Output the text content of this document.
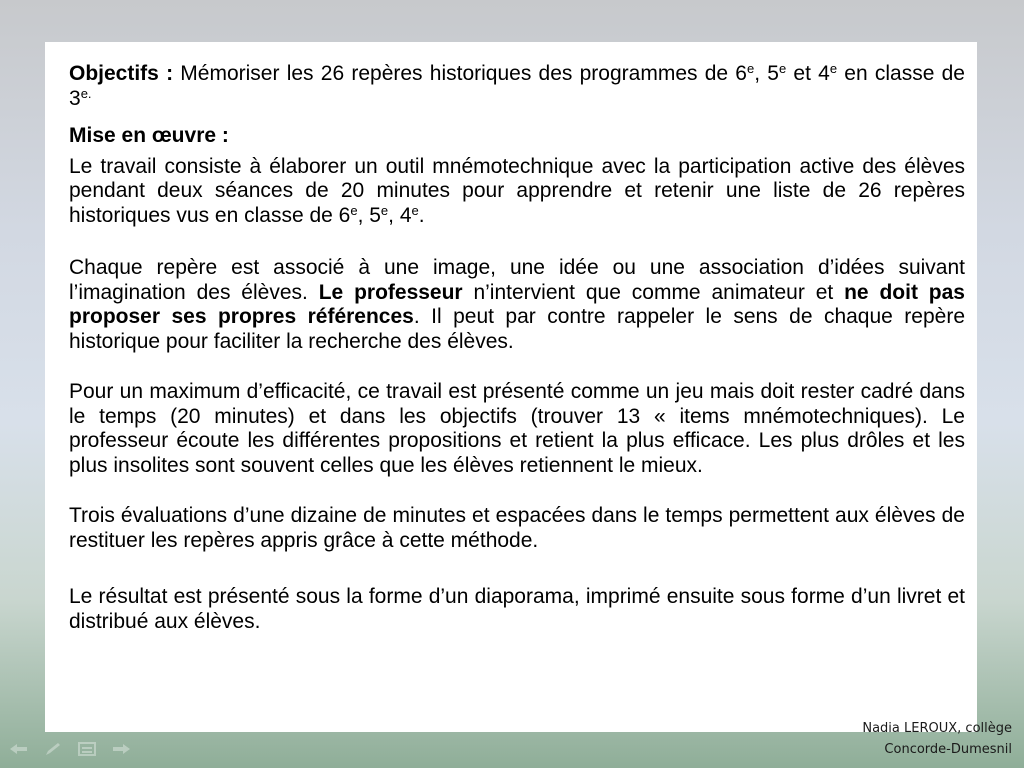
Objectifs : Mémoriser les 26 repères historiques des programmes de 6e, 5e et 4e en classe de $3^{e.}$

Mise en œuvre :

Le travail consiste à élaborer un outil mnémotechnique avec la participation active des élèves pendant deux séances de 20 minutes pour apprendre et retenir une liste de 26 repères historiques vus en classe de 6e, 5e, 4e.

Chaque repère est associé à une image, une idée ou une association d’idées suivant l’imagination des élèves. Le professeur n’intervient que comme animateur et ne doit pas proposer ses propres références. Il peut par contre rappeler le sens de chaque repère historique pour faciliter la recherche des élèves.

Pour un maximum d’efficacité, ce travail est présenté comme un jeu mais doit rester cadré dans le temps (20 minutes) et dans les objectifs (trouver 13 « items mnémotechniques). Le professeur écoute les différentes propositions et retient la plus efficace. Les plus drôles et les plus insolites sont souvent celles que les élèves retiennent le mieux.

Trois évaluations d’une dizaine de minutes et espacées dans le temps permettent aux élèves de restituer les repères appris grâce à cette méthode.

Le résultat est présenté sous la forme d’un diaporama, imprimé ensuite sous forme d’un livret et distribué aux élèves.

Nadia LEROUX, collège
Concorde-Dumesnil
